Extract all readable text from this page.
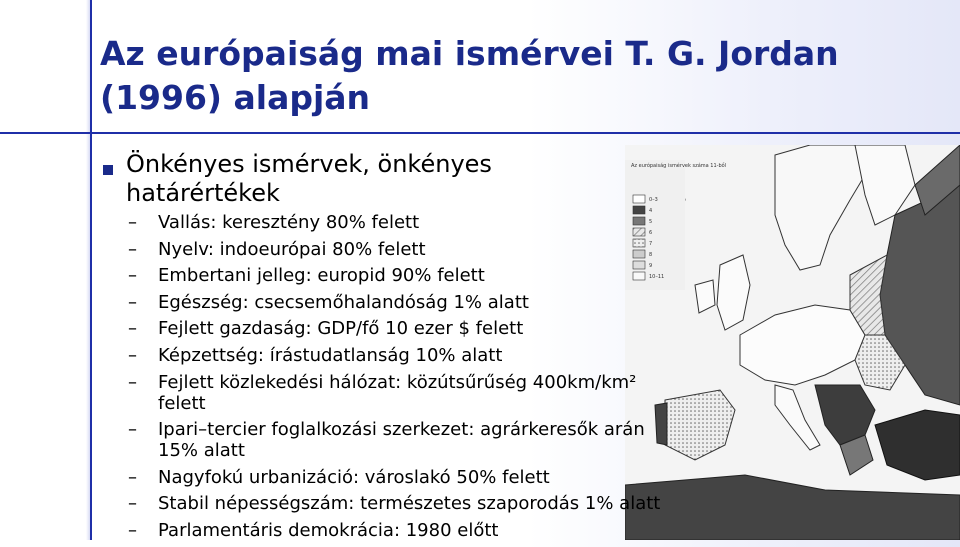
Az európaiság ismérvek száma 11-ből
0–3
4
5
6
7
8
9
10–11
Az európaiság mai ismérvei T. G. Jordan (1996) alapján
Önkényes ismérvek, önkényes határértékek
– Vallás: keresztény 80% felett
– Nyelv: indoeurópai 80% felett
– Embertani jelleg: europid 90% felett
– Egészség: csecsemőhalandóság 1% alatt
– Fejlett gazdaság: GDP/fő 10 ezer $ felett
– Képzettség: írástudatlanság 10% alatt
– Fejlett közlekedési hálózat: közútsűrűség 400km/km² felett
– Ipari–tercier foglalkozási szerkezet: agrárkeresők arán 15% alatt
– Nagyfokú urbanizáció: városlakó 50% felett
– Stabil népességszám: természetes szaporodás 1% alatt
– Parlamentáris demokrácia: 1980 előtt
